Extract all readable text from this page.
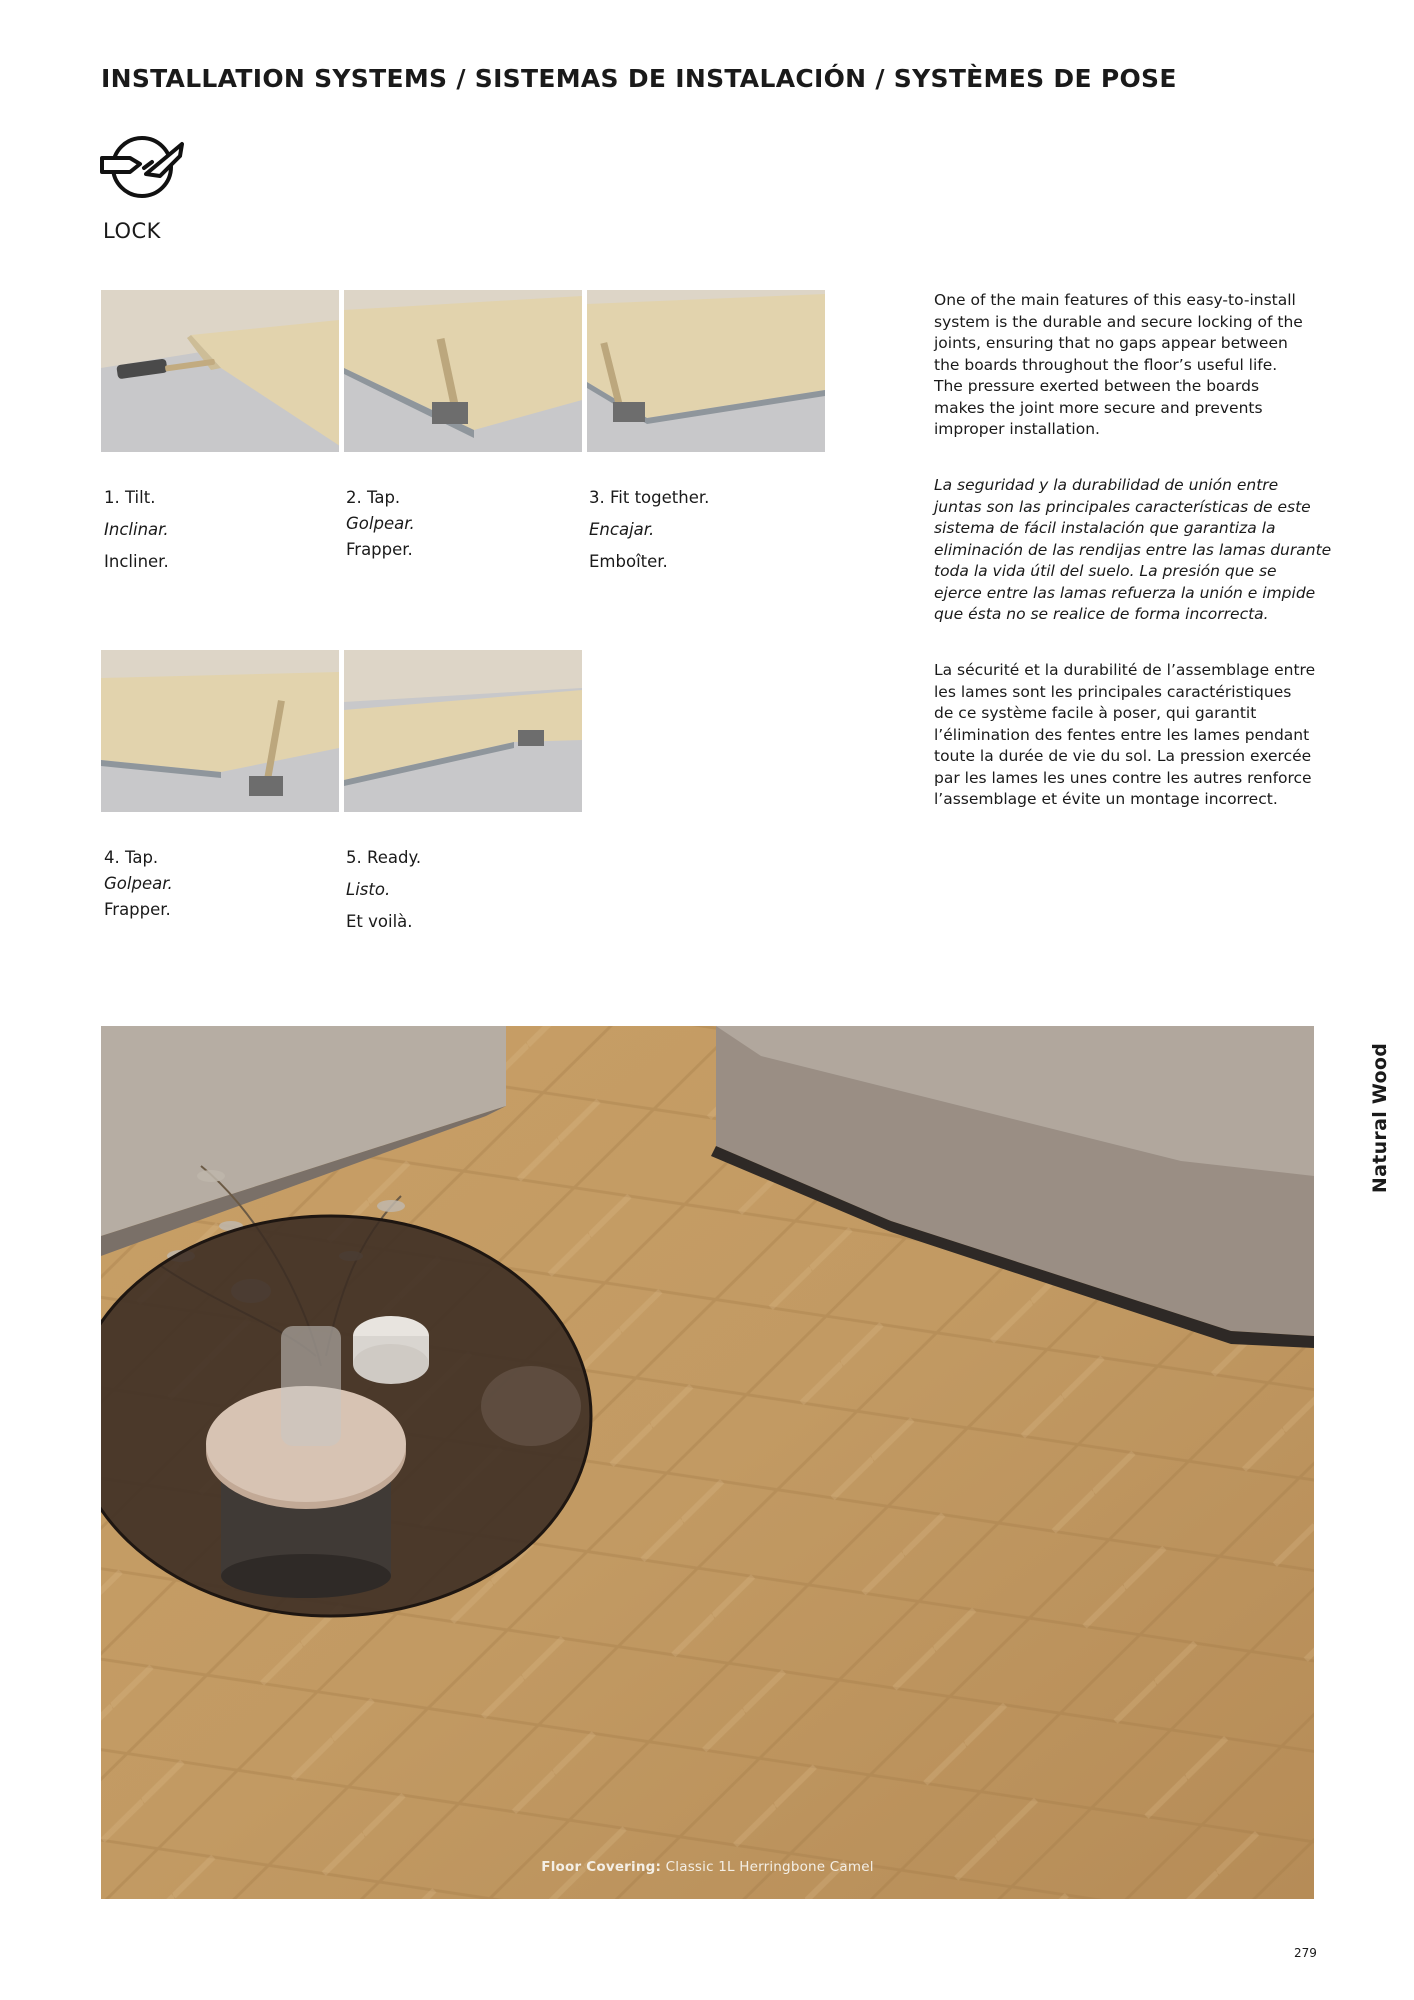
INSTALLATION SYSTEMS / SISTEMAS DE INSTALACIÓN / SYSTÈMES DE POSE
LOCK
1. Tilt.
Inclinar.
Incliner.
2. Tap.
Golpear.
Frapper.
3. Fit together.
Encajar.
Emboîter.
4. Tap.
Golpear.
Frapper.
5. Ready.
Listo.
Et voilà.
One of the main features of this easy-to-install
system is the durable and secure locking of the
joints, ensuring that no gaps appear between
the boards throughout the floor’s useful life.
The pressure exerted between the boards
makes the joint more secure and prevents
improper installation.
La seguridad y la durabilidad de unión entre
juntas son las principales características de este
sistema de fácil instalación que garantiza la
eliminación de las rendijas entre las lamas durante
toda la vida útil del suelo. La presión que se
ejerce entre las lamas refuerza la unión e impide
que ésta no se realice de forma incorrecta.
La sécurité et la durabilité de l’assemblage entre
les lames sont les principales caractéristiques
de ce système facile à poser, qui garantit
l’élimination des fentes entre les lames pendant
toute la durée de vie du sol. La pression exercée
par les lames les unes contre les autres renforce
l’assemblage et évite un montage incorrect.
Floor Covering: Classic 1L Herringbone Camel
Natural Wood
279
